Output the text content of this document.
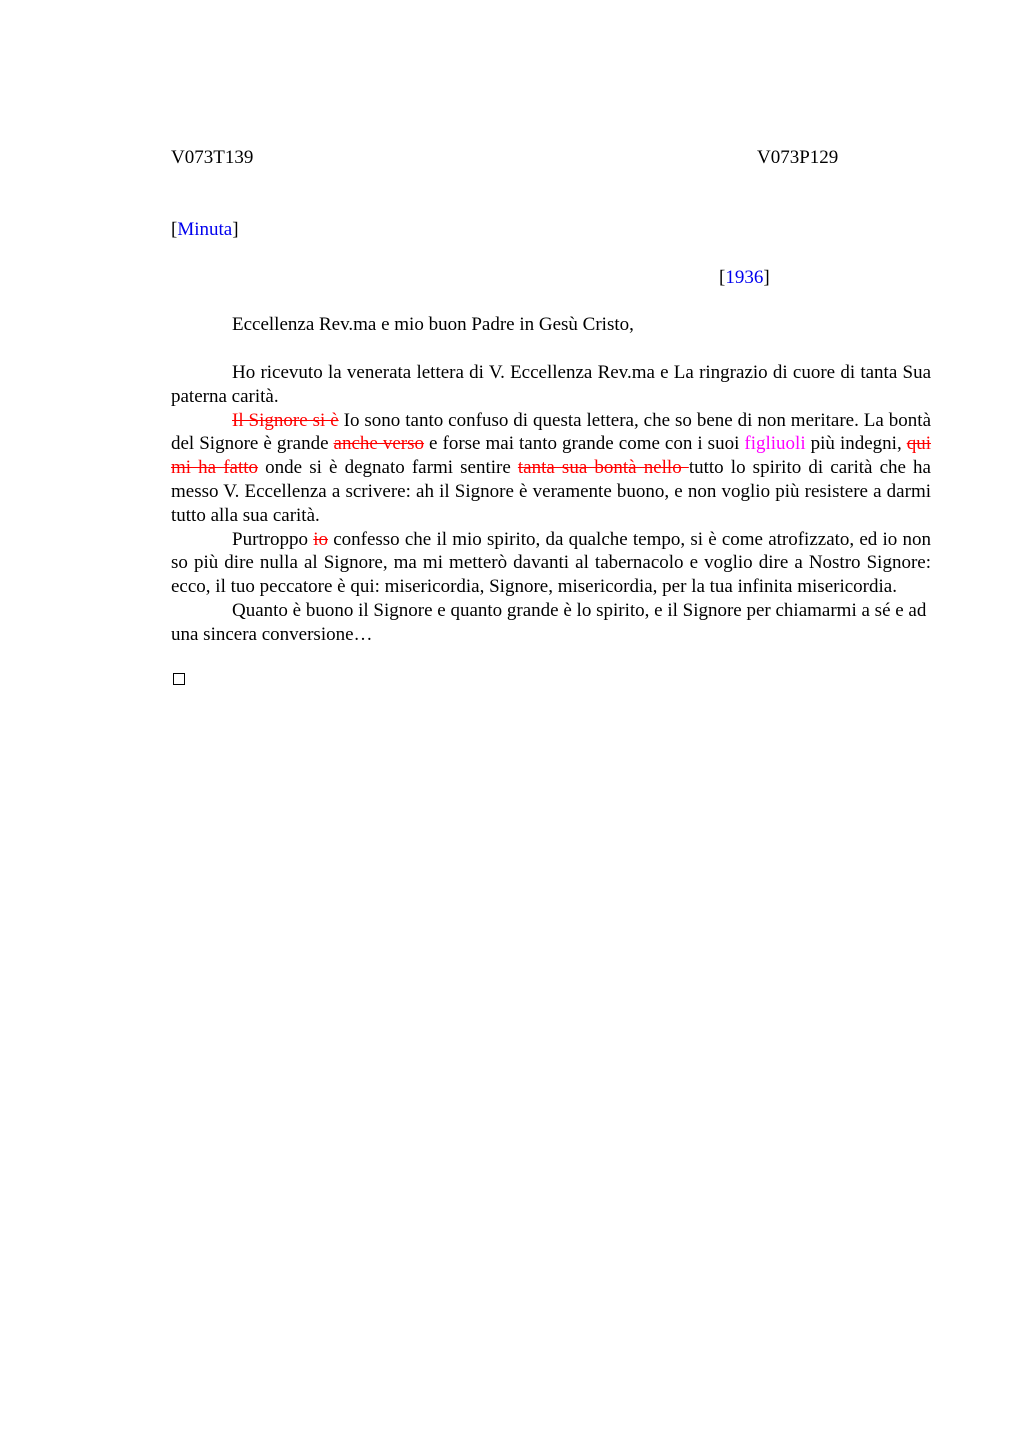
V073T139	V073P129
[Minuta]
[1936]
Eccellenza Rev.ma e mio buon Padre in Gesù Cristo,

Ho ricevuto la venerata lettera di V. Eccellenza Rev.ma e La ringrazio di cuore di tanta Sua paterna carità.

Il Signore si è Io sono tanto confuso di questa lettera, che so bene di non meritare. La bontà del Signore è grande anche verso e forse mai tanto grande come con i suoi figliuoli più indegni, qui mi ha fatto onde si è degnato farmi sentire tanta sua bontà nello tutto lo spirito di carità che ha messo V. Eccellenza a scrivere: ah il Signore è veramente buono, e non voglio più resistere a darmi tutto alla sua carità.

Purtroppo io confesso che il mio spirito, da qualche tempo, si è come atrofizzato, ed io non so più dire nulla al Signore, ma mi metterò davanti al tabernacolo e voglio dire a Nostro Signore: ecco, il tuo peccatore è qui: misericordia, Signore, misericordia, per la tua infinita misericordia.

Quanto è buono il Signore e quanto grande è lo spirito, e il Signore per chiamarmi a sé e ad una sincera conversione…
